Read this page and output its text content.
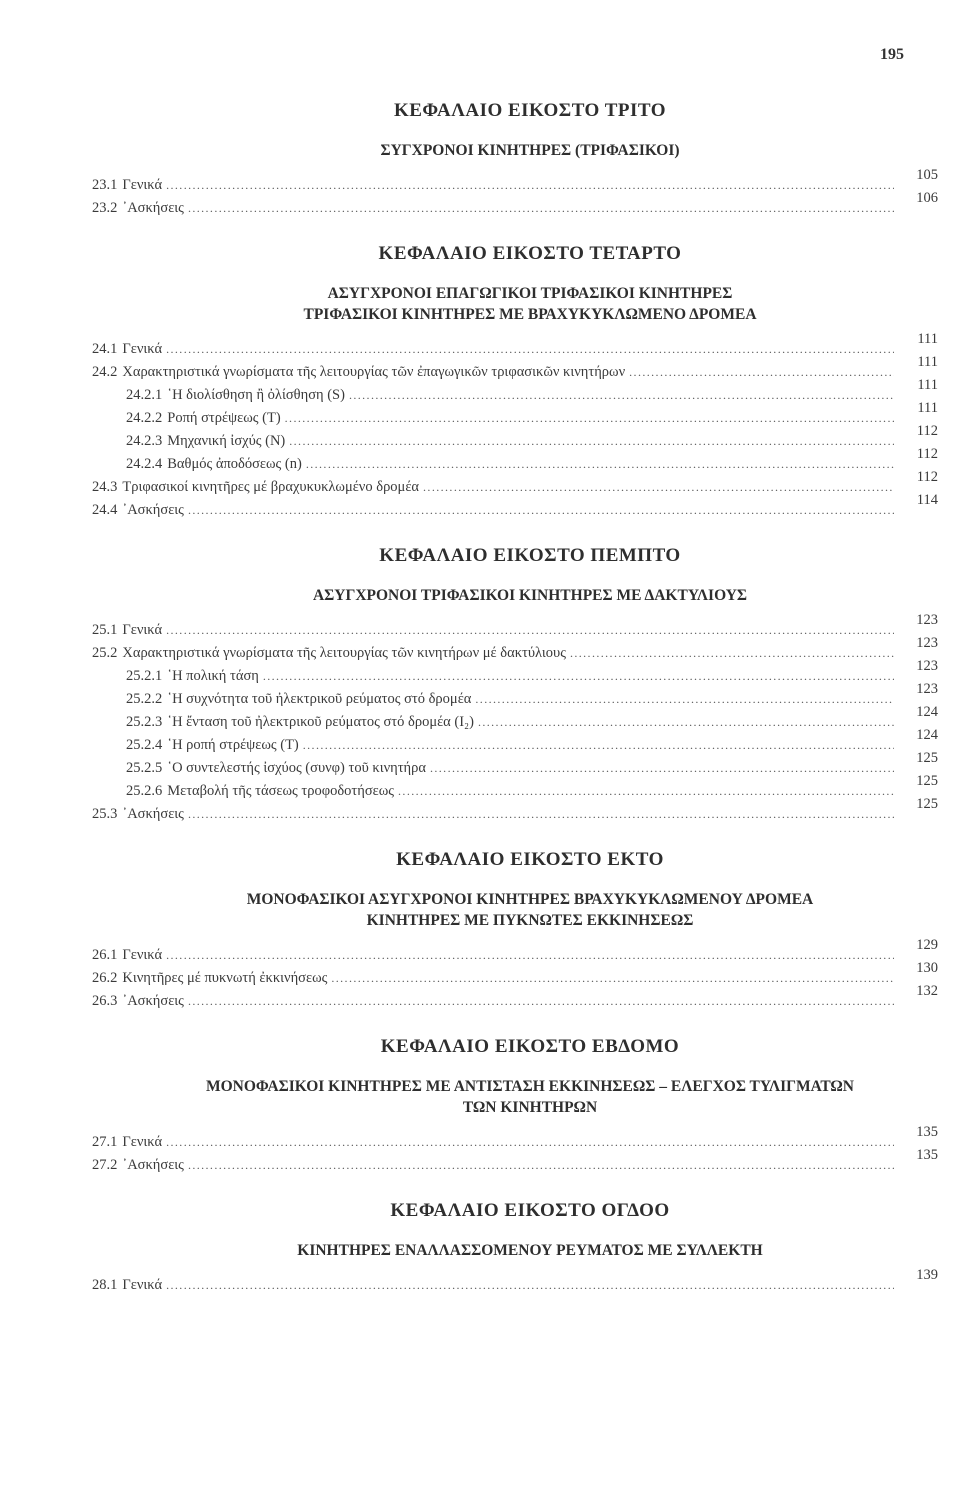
195
ΚΕΦΑΛΑΙΟ ΕΙΚΟΣΤΟ ΤΡΙΤΟ
ΣΥΓΧΡΟΝΟΙ ΚΙΝΗΤΗΡΕΣ (ΤΡΙΦΑΣΙΚΟΙ)
23.1 Γενικά
.....
105
23.2 ᾿Ασκήσεις
.....
106
ΚΕΦΑΛΑΙΟ ΕΙΚΟΣΤΟ ΤΕΤΑΡΤΟ
ΑΣΥΓΧΡΟΝΟΙ ΕΠΑΓΩΓΙΚΟΙ ΤΡΙΦΑΣΙΚΟΙ ΚΙΝΗΤΗΡΕΣ
ΤΡΙΦΑΣΙΚΟΙ ΚΙΝΗΤΗΡΕΣ ΜΕ ΒΡΑΧΥΚΥΚΛΩΜΕΝΟ ΔΡΟΜΕΑ
24.1 Γενικά
.....
111
24.2 Χαρακτηριστικά γνωρίσματα τῆς λειτουργίας τῶν ἐπαγωγικῶν τριφασικῶν κινητήρων
.....
111
24.2.1 ῾Η διολίσθηση ἢ ὀλίσθηση (S)
.....
111
24.2.2 Ροπή στρέψεως (Τ)
.....
111
24.2.3 Μηχανική ἰσχύς (Ν)
.....
112
24.2.4 Βαθμός ἀποδόσεως (n)
.....
112
24.3 Τριφασικοί κινητῆρες μέ βραχυκυκλωμένο δρομέα
.....
112
24.4 ᾿Ασκήσεις
.....
114
ΚΕΦΑΛΑΙΟ ΕΙΚΟΣΤΟ ΠΕΜΠΤΟ
ΑΣΥΓΧΡΟΝΟΙ ΤΡΙΦΑΣΙΚΟΙ ΚΙΝΗΤΗΡΕΣ ΜΕ ΔΑΚΤΥΛΙΟΥΣ
25.1 Γενικά
.....
123
25.2 Χαρακτηριστικά γνωρίσματα τῆς λειτουργίας τῶν κινητήρων μέ δακτύλιους
.....
123
25.2.1 ῾Η πολική τάση
.....
123
25.2.2 ῾Η συχνότητα τοῦ ἠλεκτρικοῦ ρεύματος στό δρομέα
.....
123
25.2.3 ῾Η ἔνταση τοῦ ἠλεκτρικοῦ ρεύματος στό δρομέα (I₂)
.....
124
25.2.4 ῾Η ροπή στρέψεως (Τ)
.....
124
25.2.5 ῾Ο συντελεστής ἰσχύος (συνφ) τοῦ κινητήρα
.....
125
25.2.6 Μεταβολή τῆς τάσεως τροφοδοτήσεως
.....
125
25.3 ᾿Ασκήσεις
.....
125
ΚΕΦΑΛΑΙΟ ΕΙΚΟΣΤΟ ΕΚΤΟ
ΜΟΝΟΦΑΣΙΚΟΙ ΑΣΥΓΧΡΟΝΟΙ ΚΙΝΗΤΗΡΕΣ ΒΡΑΧΥΚΥΚΛΩΜΕΝΟΥ ΔΡΟΜΕΑ
ΚΙΝΗΤΗΡΕΣ ΜΕ ΠΥΚΝΩΤΕΣ ΕΚΚΙΝΗΣΕΩΣ
26.1 Γενικά
.....
129
26.2 Κινητῆρες μέ πυκνωτή ἐκκινήσεως
.....
130
26.3 ᾿Ασκήσεις
.....
132
ΚΕΦΑΛΑΙΟ ΕΙΚΟΣΤΟ ΕΒΔΟΜΟ
ΜΟΝΟΦΑΣΙΚΟΙ ΚΙΝΗΤΗΡΕΣ ΜΕ ΑΝΤΙΣΤΑΣΗ ΕΚΚΙΝΗΣΕΩΣ – ΕΛΕΓΧΟΣ ΤΥΛΙΓΜΑΤΩΝ
ΤΩΝ ΚΙΝΗΤΗΡΩΝ
27.1 Γενικά
.....
135
27.2 ᾿Ασκήσεις
.....
135
ΚΕΦΑΛΑΙΟ ΕΙΚΟΣΤΟ ΟΓΔΟΟ
ΚΙΝΗΤΗΡΕΣ ΕΝΑΛΛΑΣΣΟΜΕΝΟΥ ΡΕΥΜΑΤΟΣ ΜΕ ΣΥΛΛΕΚΤΗ
28.1 Γενικά
.....
139
